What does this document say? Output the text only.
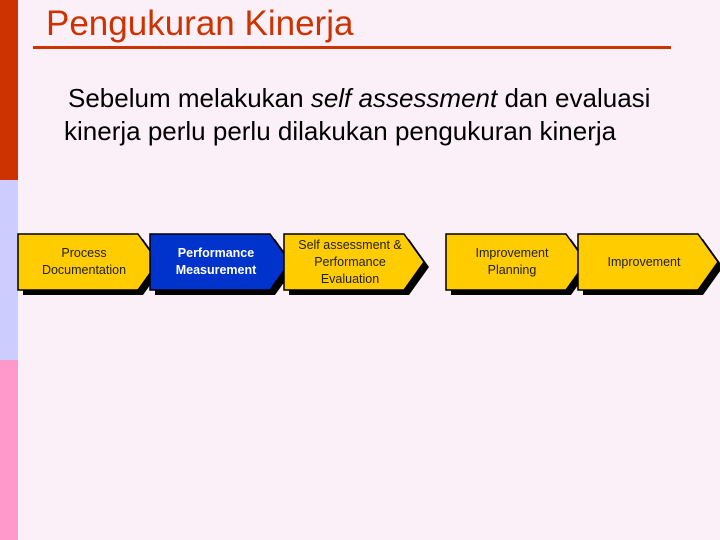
Pengukuran Kinerja
Sebelum melakukan self assessment dan evaluasi kinerja perlu perlu dilakukan pengukuran kinerja
Process Documentation
Performance Measurement
Self assessment & Performance Evaluation
Improvement Planning
Improvement
